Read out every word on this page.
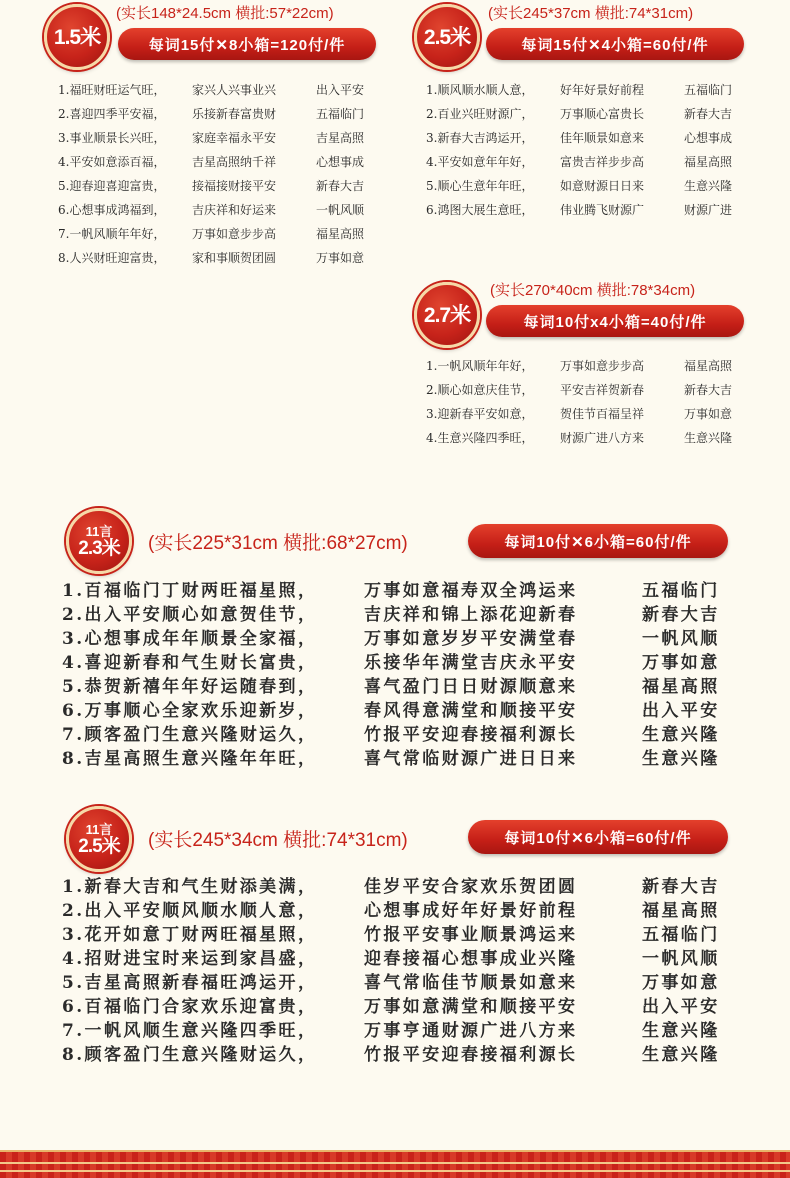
1.5米
(实长148*24.5cm 横批:57*22cm)
每词15付✕8小箱=120付/件
1.福旺财旺运气旺，	家兴人兴事业兴	出入平安
2.喜迎四季平安福，	乐接新春富贵财	五福临门
3.事业顺景长兴旺，	家庭幸福永平安	吉星高照
4.平安如意添百福，	吉星高照纳千祥	心想事成
5.迎春迎喜迎富贵，	接福接财接平安	新春大吉
6.心想事成鸿福到，	吉庆祥和好运来	一帆风顺
7.一帆风顺年年好，	万事如意步步高	福星高照
8.人兴财旺迎富贵，	家和事顺贺团圆	万事如意
2.5米
(实长245*37cm 横批:74*31cm)
每词15付✕4小箱=60付/件
1.顺风顺水顺人意，	好年好景好前程	五福临门
2.百业兴旺财源广，	万事顺心富贵长	新春大吉
3.新春大吉鸿运开，	佳年顺景如意来	心想事成
4.平安如意年年好，	富贵吉祥步步高	福星高照
5.顺心生意年年旺，	如意财源日日来	生意兴隆
6.鸿图大展生意旺，	伟业腾飞财源广	财源广进
2.7米
(实长270*40cm 横批:78*34cm)
每词10付x4小箱=40付/件
1.一帆风顺年年好，	万事如意步步高	福星高照
2.顺心如意庆佳节，	平安吉祥贺新春	新春大吉
3.迎新春平安如意，	贺佳节百福呈祥	万事如意
4.生意兴隆四季旺，	财源广进八方来	生意兴隆
11言
2.3米 (实长225*31cm 横批:68*27cm)	每词10付✕6小箱=60付/件
1.百福临门丁财两旺福星照，	万事如意福寿双全鸿运来	五福临门
2.出入平安顺心如意贺佳节，	吉庆祥和锦上添花迎新春	新春大吉
3.心想事成年年顺景全家福，	万事如意岁岁平安满堂春	一帆风顺
4.喜迎新春和气生财长富贵，	乐接华年满堂吉庆永平安	万事如意
5.恭贺新禧年年好运随春到，	喜气盈门日日财源顺意来	福星高照
6.万事顺心全家欢乐迎新岁，	春风得意满堂和顺接平安	出入平安
7.顾客盈门生意兴隆财运久，	竹报平安迎春接福利源长	生意兴隆
8.吉星高照生意兴隆年年旺，	喜气常临财源广进日日来	生意兴隆
11言
2.5米 (实长245*34cm 横批:74*31cm)	每词10付✕6小箱=60付/件
1.新春大吉和气生财添美满，	佳岁平安合家欢乐贺团圆	新春大吉
2.出入平安顺风顺水顺人意，	心想事成好年好景好前程	福星高照
3.花开如意丁财两旺福星照，	竹报平安事业顺景鸿运来	五福临门
4.招财进宝时来运到家昌盛，	迎春接福心想事成业兴隆	一帆风顺
5.吉星高照新春福旺鸿运开，	喜气常临佳节顺景如意来	万事如意
6.百福临门合家欢乐迎富贵，	万事如意满堂和顺接平安	出入平安
7.一帆风顺生意兴隆四季旺，	万事亨通财源广进八方来	生意兴隆
8.顾客盈门生意兴隆财运久，	竹报平安迎春接福利源长	生意兴隆
